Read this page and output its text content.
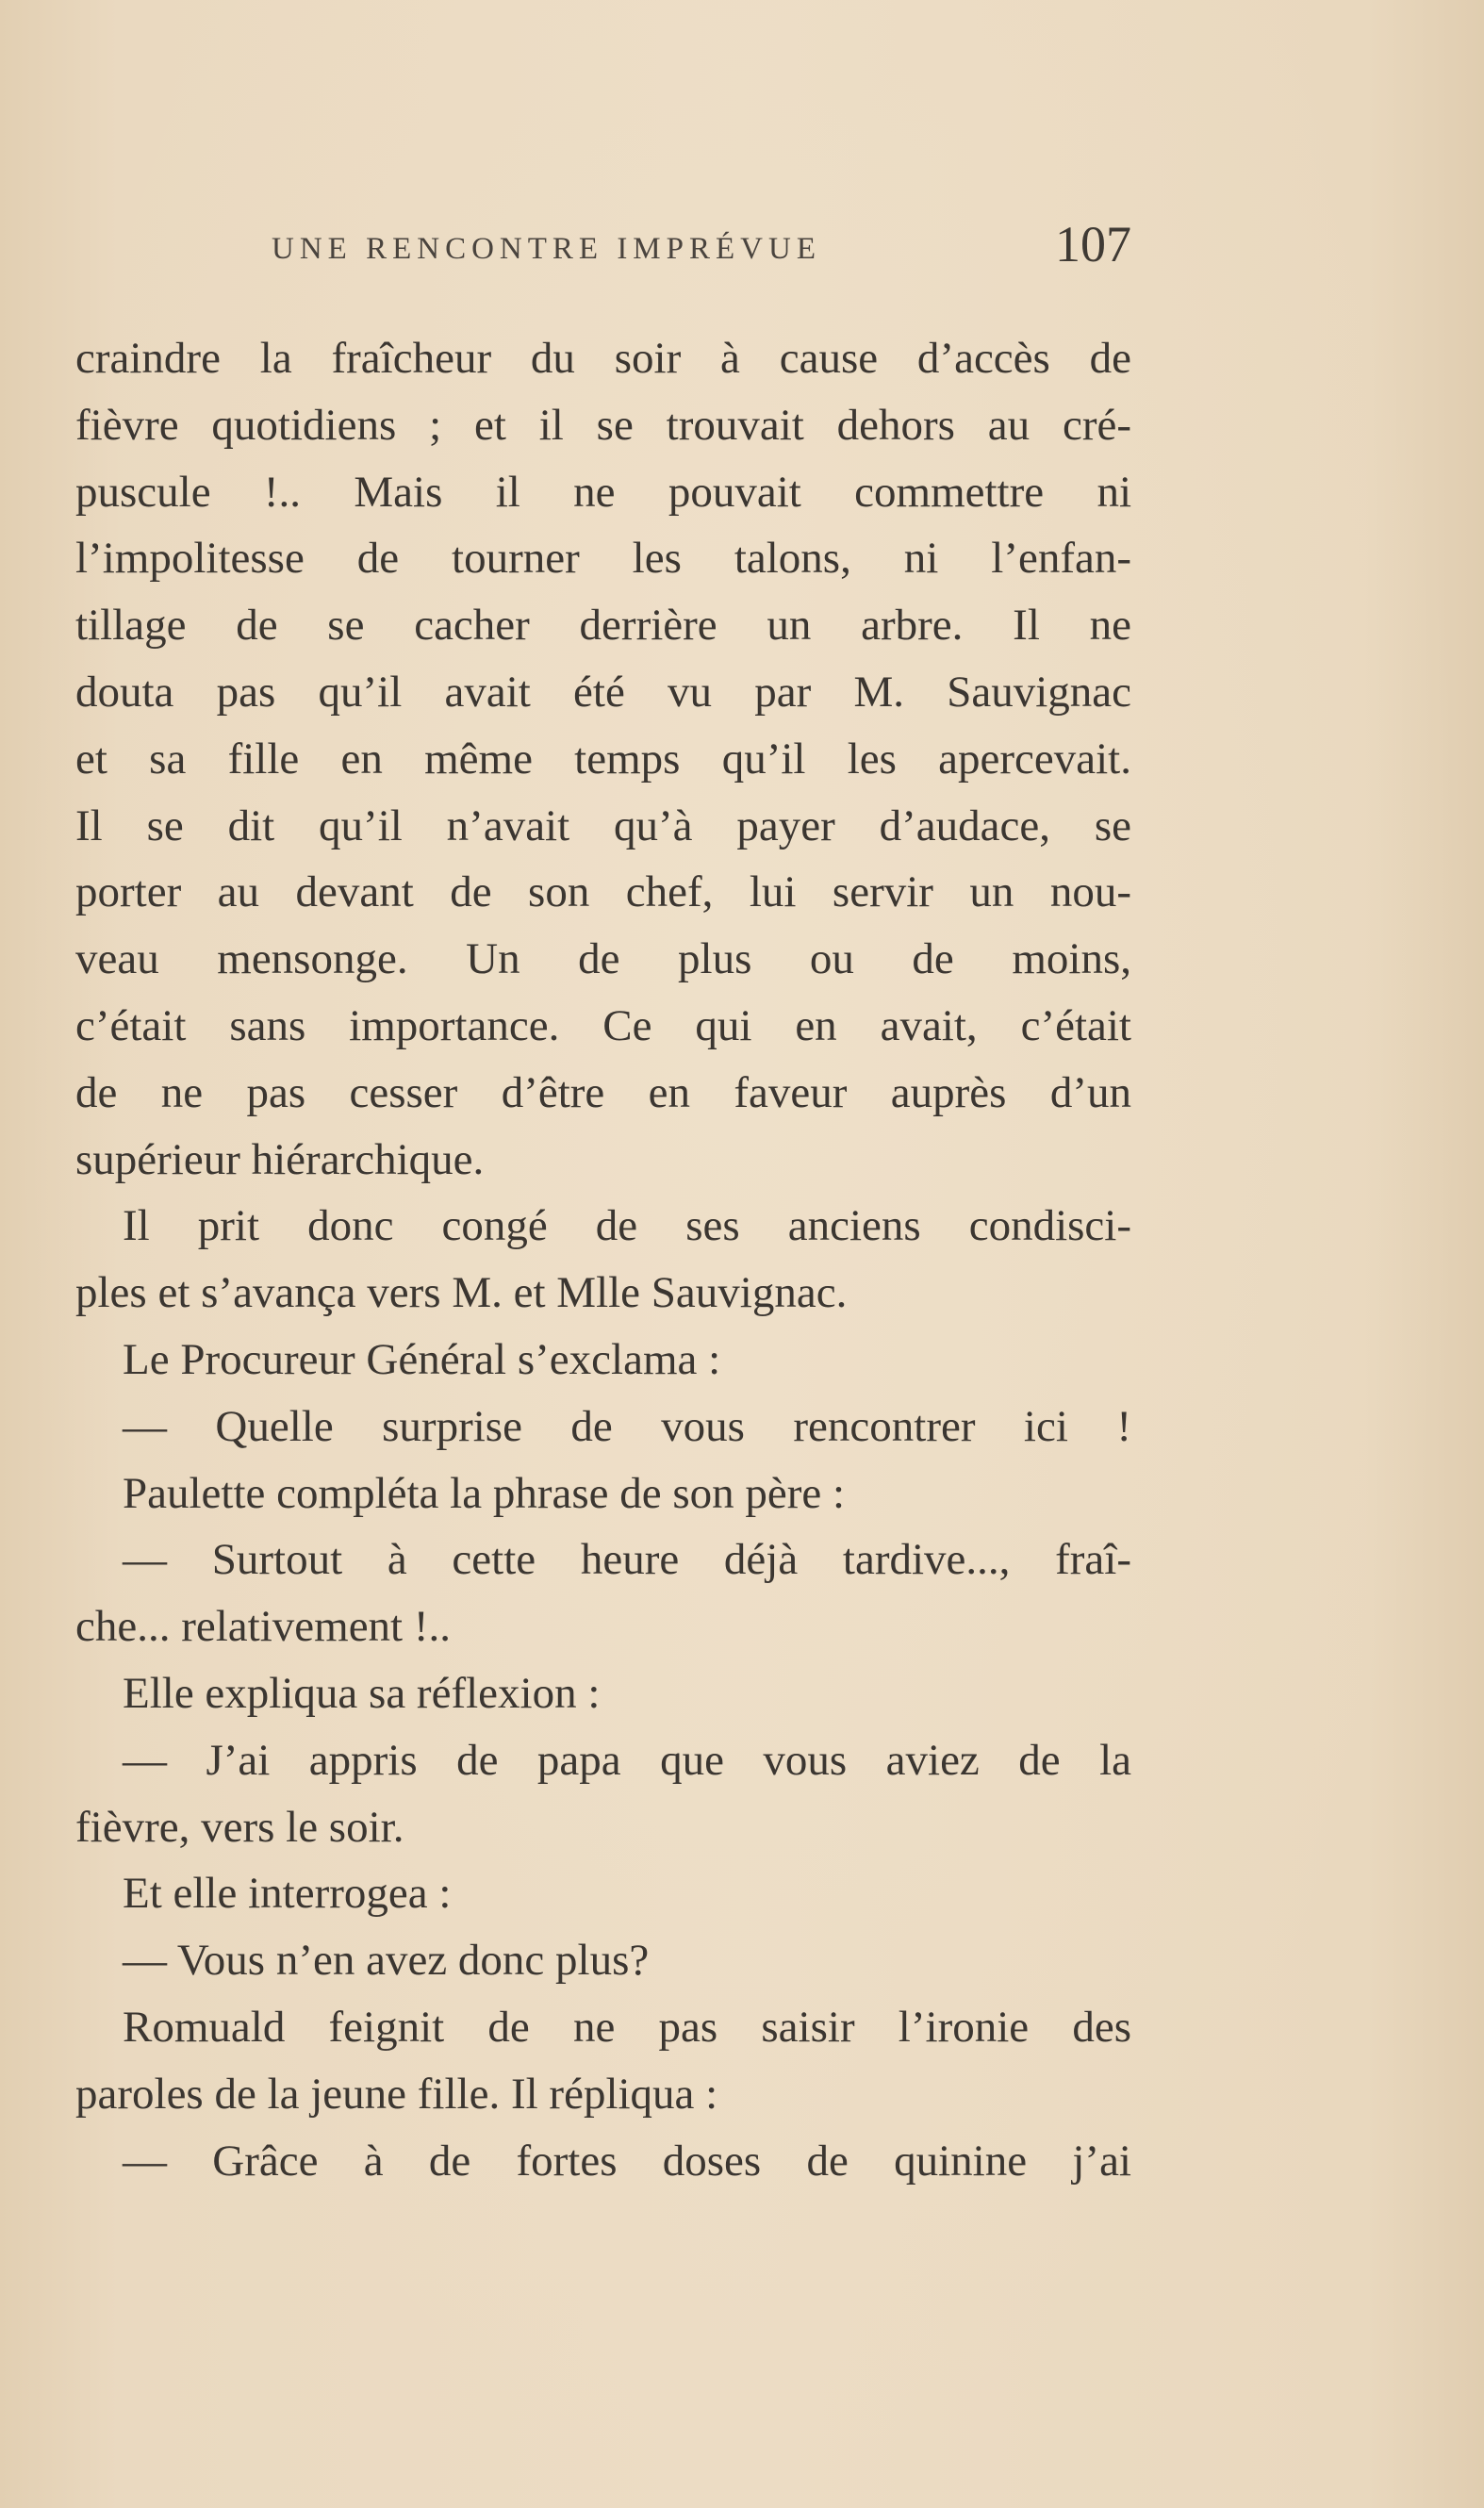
UNE RENCONTRE IMPRÉVUE	107
craindre la fraîcheur du soir à cause d’accès de
fièvre quotidiens ; et il se trouvait dehors au cré-
puscule !.. Mais il ne pouvait commettre ni
l’impolitesse de tourner les talons, ni l’enfan-
tillage de se cacher derrière un arbre. Il ne
douta pas qu’il avait été vu par M. Sauvignac
et sa fille en même temps qu’il les apercevait.
Il se dit qu’il n’avait qu’à payer d’audace, se
porter au devant de son chef, lui servir un nou-
veau mensonge. Un de plus ou de moins,
c’était sans importance. Ce qui en avait, c’était
de ne pas cesser d’être en faveur auprès d’un
supérieur hiérarchique.
Il prit donc congé de ses anciens condisci-
ples et s’avança vers M. et Mlle Sauvignac.
Le Procureur Général s’exclama :
— Quelle surprise de vous rencontrer ici !
Paulette compléta la phrase de son père :
— Surtout à cette heure déjà tardive..., fraî-
che... relativement !..
Elle expliqua sa réflexion :
— J’ai appris de papa que vous aviez de la
fièvre, vers le soir.
Et elle interrogea :
— Vous n’en avez donc plus?
Romuald feignit de ne pas saisir l’ironie des
paroles de la jeune fille. Il répliqua :
— Grâce à de fortes doses de quinine j’ai
